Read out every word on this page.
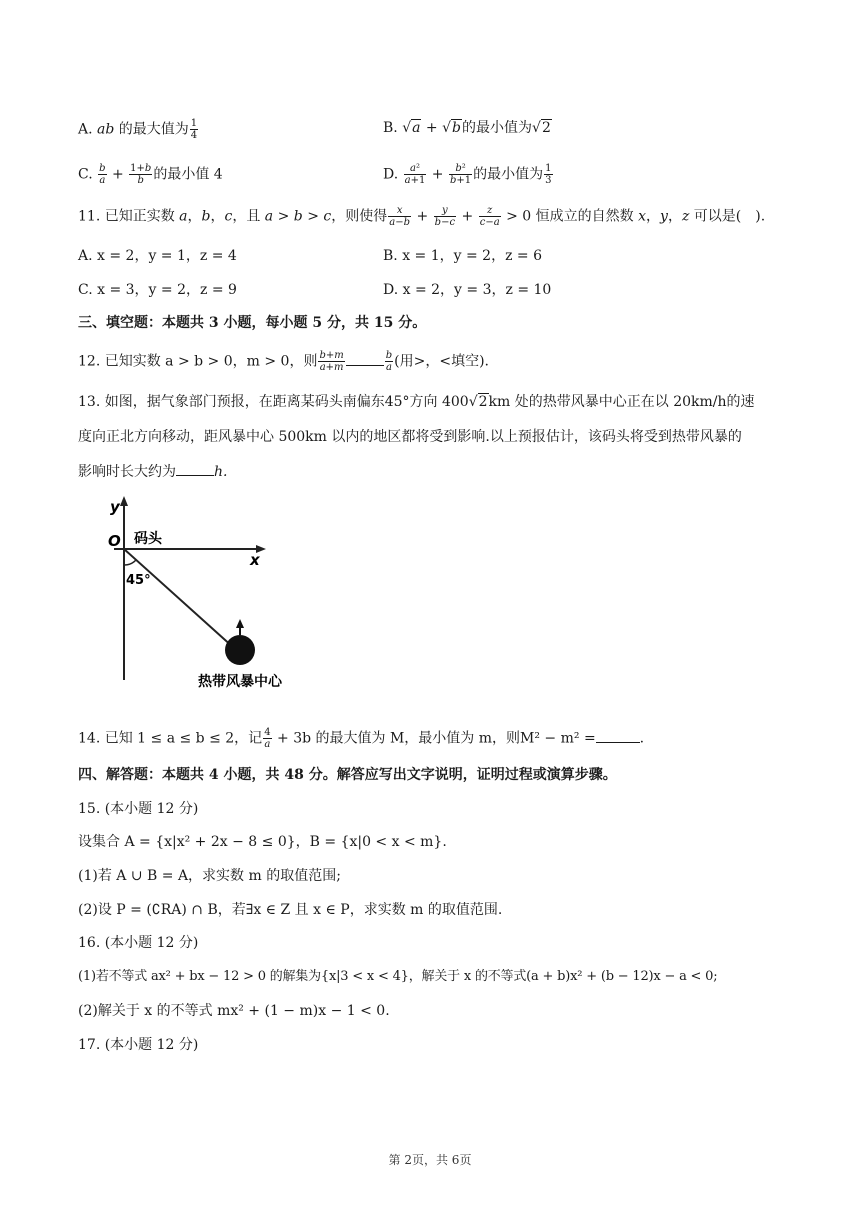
A. ab 的最大值为 $\frac{1}{4}$	B. √a + √b的最小值为√2
C. $\frac{b}{a} + \frac{1+b}{b}$ 的最小值 4	D. $\frac{\text{a²}}{a+1} + \frac{\text{b²}}{b+1}$ 的最小值为 $\frac{1}{3}$
11. 已知正实数 a，b，c，且 a > b > c，则使得 $\frac{x}{a-b} + \frac{y}{b-c} + \frac{z}{c-a} > 0$ 恒成立的自然数 x，y，z 可以是(　).
A. x = 2，y = 1，z = 4	B. x = 1，y = 2，z = 6
C. x = 3，y = 2，z = 9	D. x = 2，y = 3，z = 10
三、填空题：本题共 3 小题，每小题 5 分，共 15 分。
12. 已知实数 a > b > 0，m > 0，则 $\frac{b+m}{a+m}$	$\frac{b}{a}$ (用>，<填空).
13. 如图，据气象部门预报，在距离某码头南偏东45°方向 400√2km 处的热带风暴中心正在以 20km/h的速
度向正北方向移动，距风暴中心 500km 以内的地区都将受到影响.以上预报估计，该码头将受到热带风暴的
影响时长大约为	h.
y
x
O 码头
45°
热带风暴中心
14. 已知 1 ≤ a ≤ b ≤ 2，记 $\frac{4}{a} + 3b$ 的最大值为 M，最小值为 m，则M² − m² =	.
四、解答题：本题共 4 小题，共 48 分。解答应写出文字说明，证明过程或演算步骤。
15. (本小题 12 分)
设集合 A = {x|x² + 2x − 8 ≤ 0}，B = {x|0 < x < m}.
(1)若 A ∪ B = A，求实数 m 的取值范围;
(2)设 P = (∁RA) ∩ B，若∃x ∈ Z 且 x ∈ P，求实数 m 的取值范围.
16. (本小题 12 分)
(1)若不等式 ax² + bx − 12 > 0 的解集为{x|3 < x < 4}，解关于 x 的不等式(a + b)x² + (b − 12)x − a < 0;
(2)解关于 x 的不等式 mx² + (1 − m)x − 1 < 0.
17. (本小题 12 分)
第 2页，共 6页
